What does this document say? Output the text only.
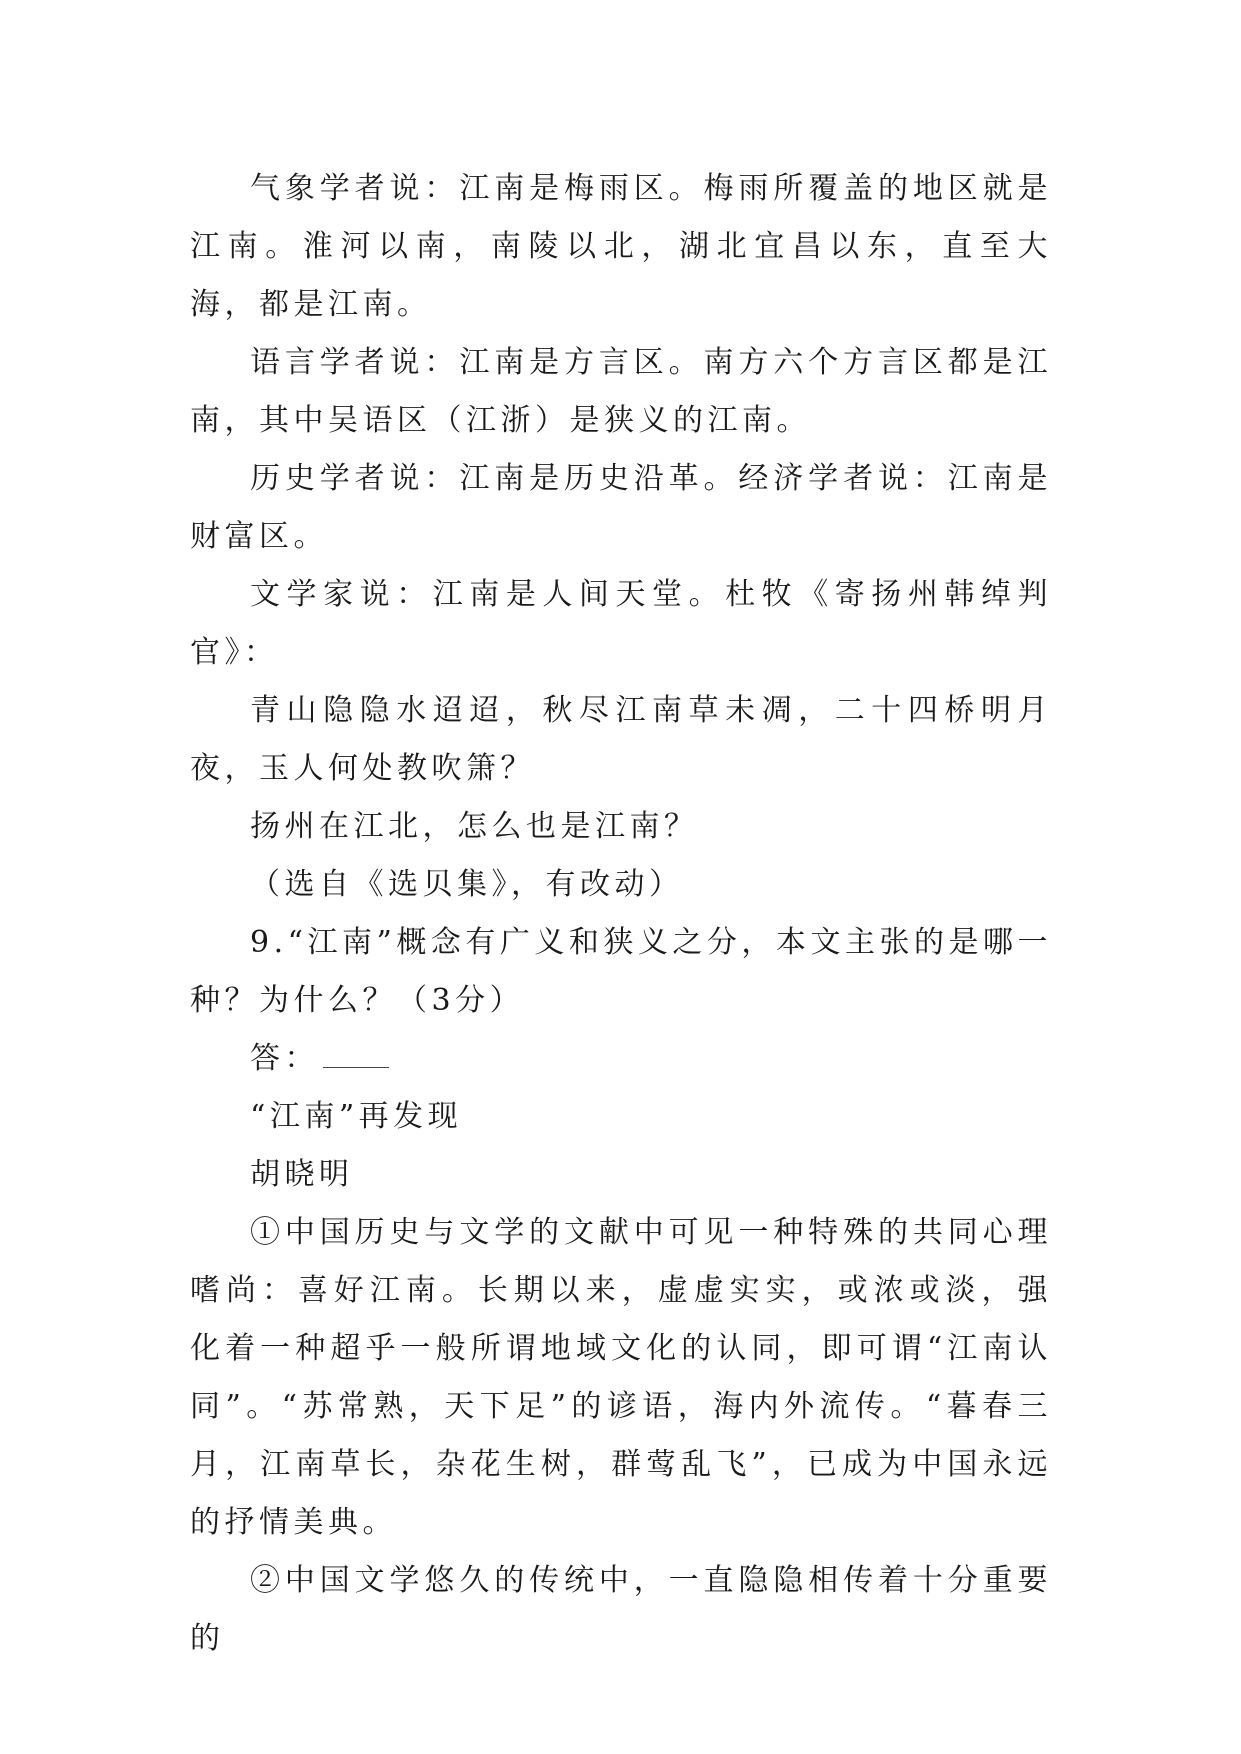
气象学者说：江南是梅雨区。梅雨所覆盖的地区就是江南。淮河以南，南陵以北，湖北宜昌以东，直至大海，都是江南。

语言学者说：江南是方言区。南方六个方言区都是江南，其中吴语区（江浙）是狭义的江南。

历史学者说：江南是历史沿革。经济学者说：江南是财富区。

文学家说：江南是人间天堂。杜牧《寄扬州韩绰判官》：

青山隐隐水迢迢，秋尽江南草未凋，二十四桥明月夜，玉人何处教吹箫？

扬州在江北，怎么也是江南？

（选自《选贝集》，有改动）

9.“江南”概念有广义和狭义之分，本文主张的是哪一种？为什么？（3分）

答：

“江南”再发现

胡晓明

①中国历史与文学的文献中可见一种特殊的共同心理嗜尚：喜好江南。长期以来，虚虚实实，或浓或淡，强化着一种超乎一般所谓地域文化的认同，即可谓“江南认同”。“苏常熟，天下足”的谚语，海内外流传。“暮春三月，江南草长，杂花生树，群莺乱飞”，已成为中国永远的抒情美典。

②中国文学悠久的传统中，一直隐隐相传着十分重要的
